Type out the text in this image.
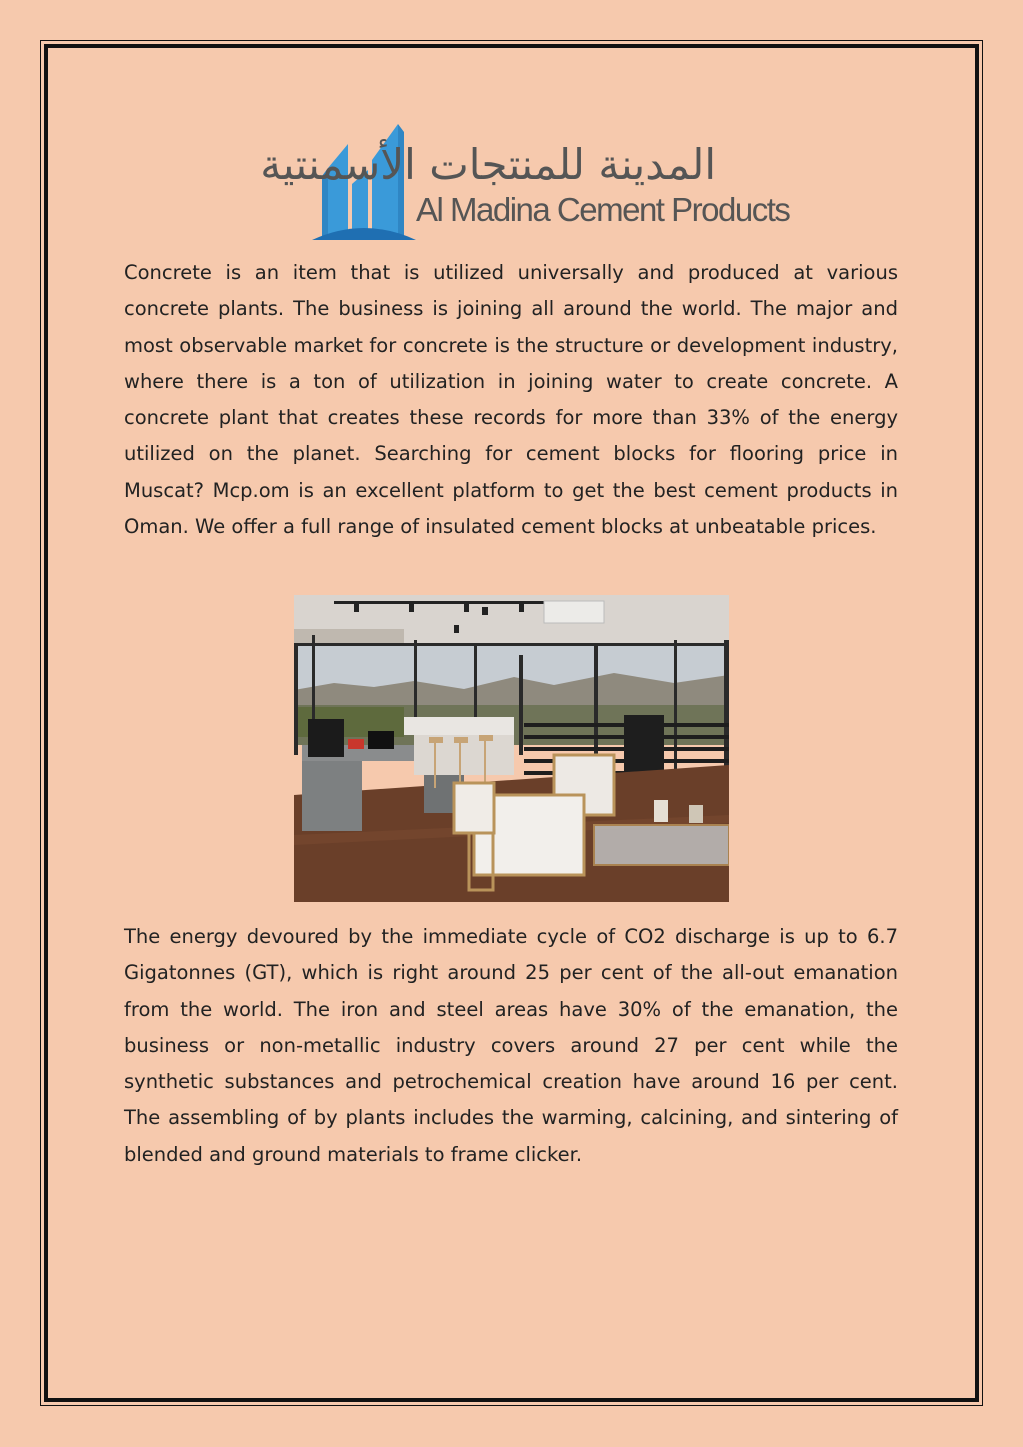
المدينة للمنتجات الأسمنتية
Al Madina Cement Products

Concrete is an item that is utilized universally and produced at various concrete plants. The business is joining all around the world. The major and most observable market for concrete is the structure or development industry, where there is a ton of utilization in joining water to create concrete. A concrete plant that creates these records for more than 33% of the energy utilized on the planet. Searching for cement blocks for flooring price in Muscat? Mcp.om is an excellent platform to get the best cement products in Oman. We offer a full range of insulated cement blocks at unbeatable prices.

The energy devoured by the immediate cycle of CO2 discharge is up to 6.7 Gigatonnes (GT), which is right around 25 per cent of the all-out emanation from the world. The iron and steel areas have 30% of the emanation, the business or non-metallic industry covers around 27 per cent while the synthetic substances and petrochemical creation have around 16 per cent. The assembling of by plants includes the warming, calcining, and sintering of blended and ground materials to frame clicker.
